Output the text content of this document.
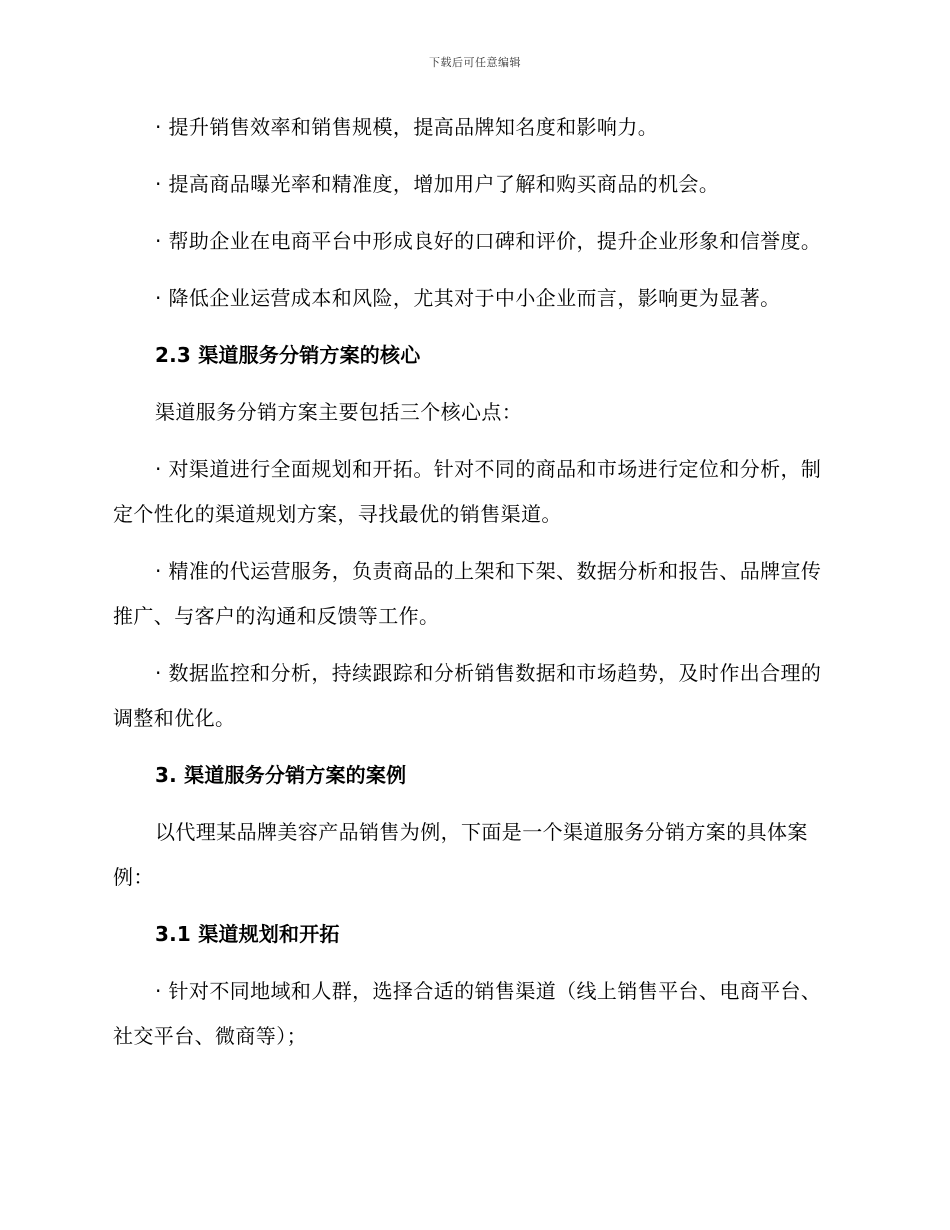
下载后可任意编辑

· 提升销售效率和销售规模，提高品牌知名度和影响力。

· 提高商品曝光率和精准度，增加用户了解和购买商品的机会。

· 帮助企业在电商平台中形成良好的口碑和评价，提升企业形象和信誉度。

· 降低企业运营成本和风险，尤其对于中小企业而言，影响更为显著。

2.3 渠道服务分销方案的核心

渠道服务分销方案主要包括三个核心点：

· 对渠道进行全面规划和开拓。针对不同的商品和市场进行定位和分析，制定个性化的渠道规划方案，寻找最优的销售渠道。

· 精准的代运营服务，负责商品的上架和下架、数据分析和报告、品牌宣传推广、与客户的沟通和反馈等工作。

· 数据监控和分析，持续跟踪和分析销售数据和市场趋势，及时作出合理的调整和优化。

3. 渠道服务分销方案的案例

以代理某品牌美容产品销售为例，下面是一个渠道服务分销方案的具体案例：

3.1 渠道规划和开拓

· 针对不同地域和人群，选择合适的销售渠道（线上销售平台、电商平台、社交平台、微商等）；
